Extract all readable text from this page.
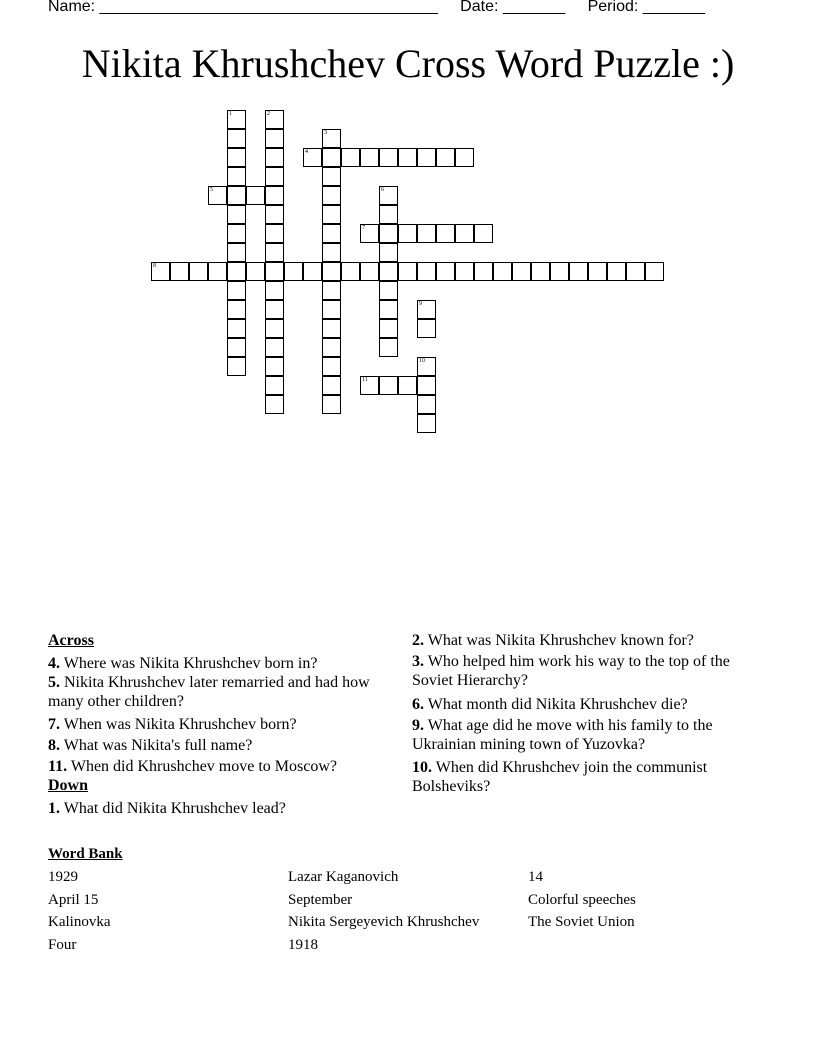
Name: ______________________________________ Date: _______ Period: _______
Nikita Khrushchev Cross Word Puzzle :)
1	2
3
4
5	6
7
8
9
10
11
Across
4. Where was Nikita Khrushchev born in?
5. Nikita Khrushchev later remarried and had how many other children?
7. When was Nikita Khrushchev born?
8. What was Nikita's full name?
11. When did Khrushchev move to Moscow?
Down
1. What did Nikita Khrushchev lead?
2. What was Nikita Khrushchev known for?
3. Who helped him work his way to the top of the Soviet Hierarchy?
6. What month did Nikita Khrushchev die?
9. What age did he move with his family to the Ukrainian mining town of Yuzovka?
10. When did Khrushchev join the communist Bolsheviks?
Word Bank
1929
April 15
Kalinovka
Four
Lazar Kaganovich
September
Nikita Sergeyevich Khrushchev
1918
14
Colorful speeches
The Soviet Union
